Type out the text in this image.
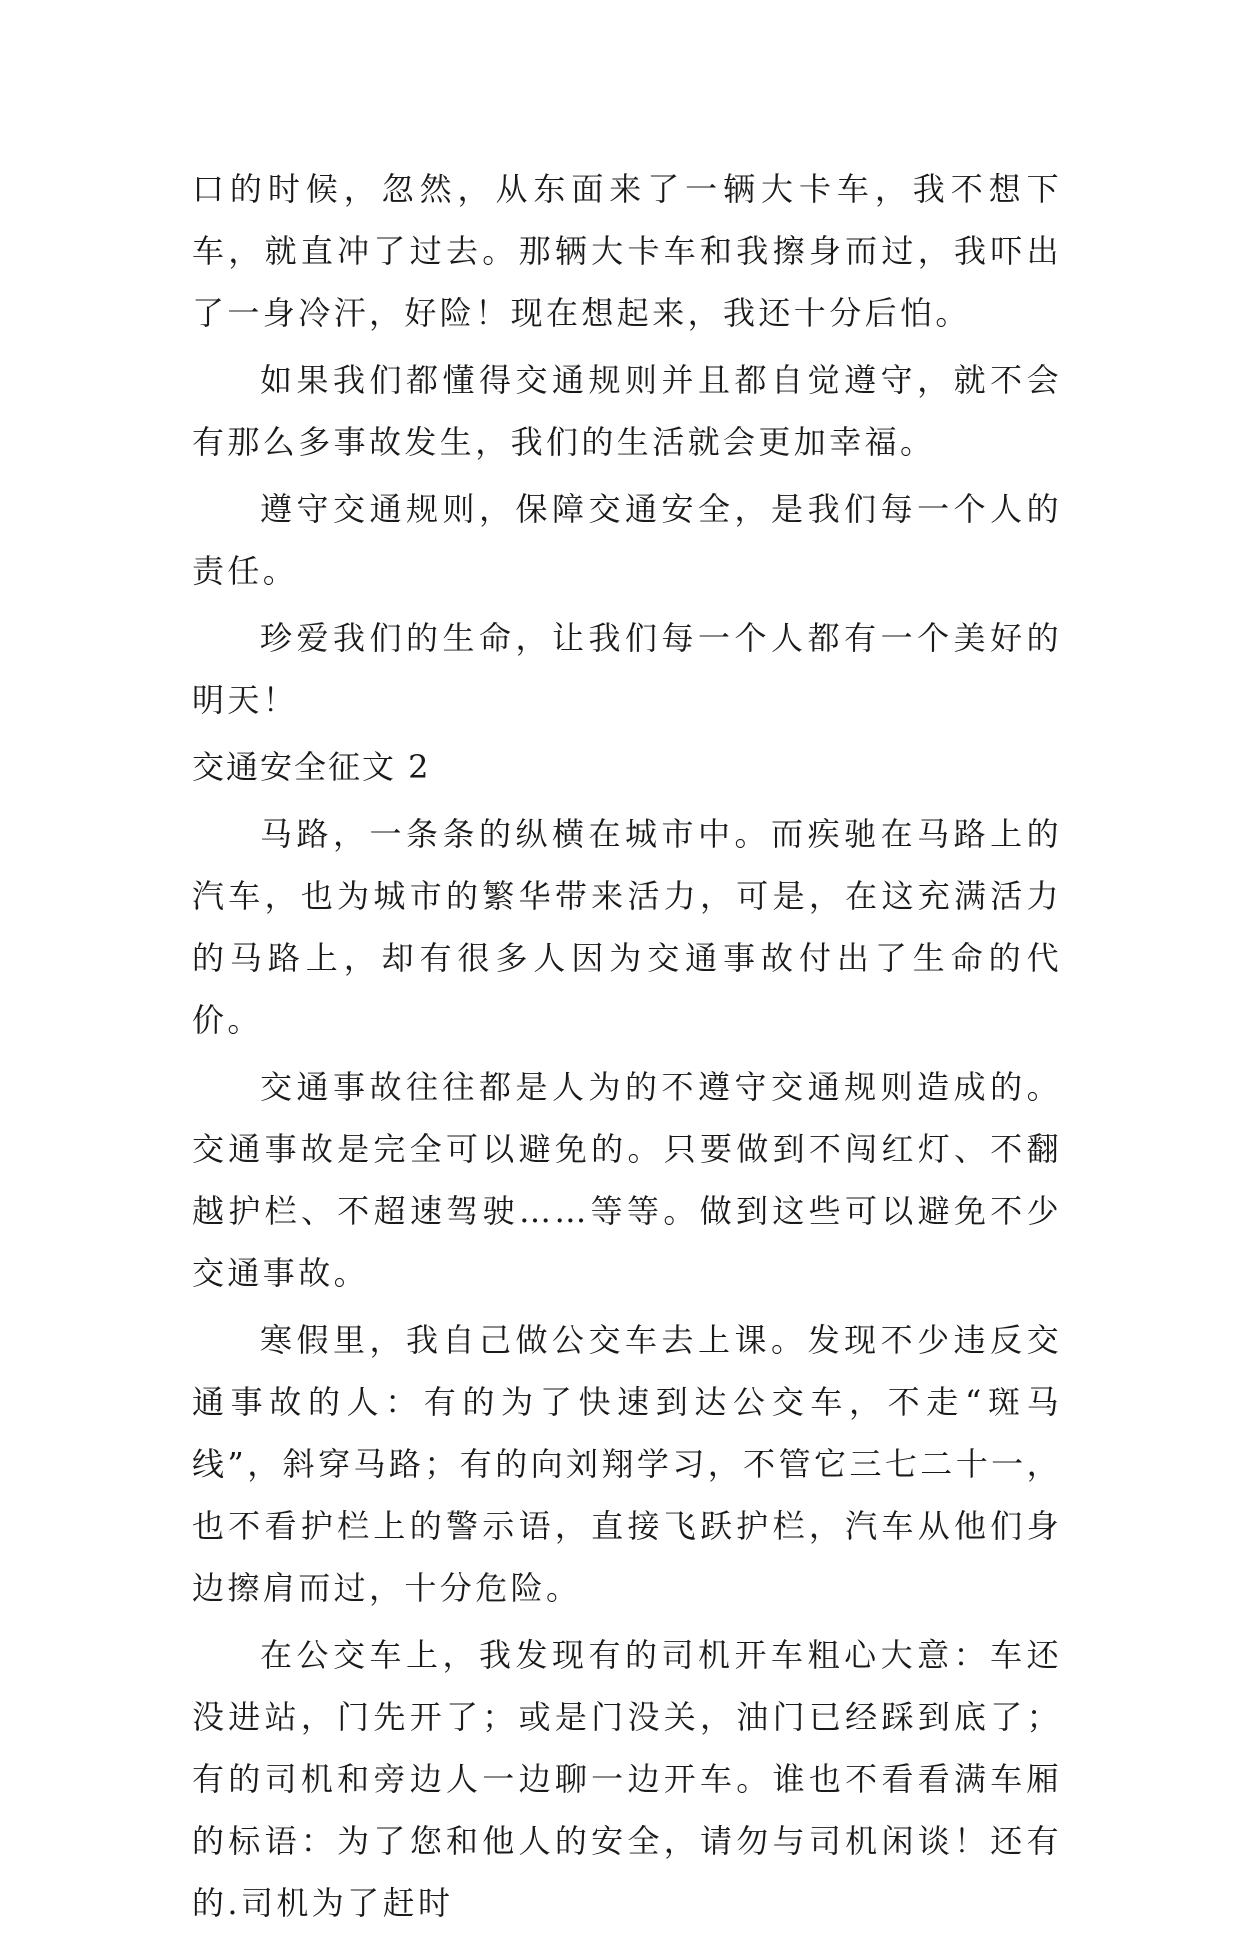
口的时候，忽然，从东面来了一辆大卡车，我不想下车，就直冲了过去。那辆大卡车和我擦身而过，我吓出了一身冷汗，好险！现在想起来，我还十分后怕。

如果我们都懂得交通规则并且都自觉遵守，就不会有那么多事故发生，我们的生活就会更加幸福。

遵守交通规则，保障交通安全，是我们每一个人的责任。

珍爱我们的生命，让我们每一个人都有一个美好的明天！

交通安全征文 2

马路，一条条的纵横在城市中。而疾驰在马路上的汽车，也为城市的繁华带来活力，可是，在这充满活力的马路上，却有很多人因为交通事故付出了生命的代价。

交通事故往往都是人为的不遵守交通规则造成的。交通事故是完全可以避免的。只要做到不闯红灯、不翻越护栏、不超速驾驶……等等。做到这些可以避免不少交通事故。

寒假里，我自己做公交车去上课。发现不少违反交通事故的人：有的为了快速到达公交车，不走“斑马线”，斜穿马路；有的向刘翔学习，不管它三七二十一，也不看护栏上的警示语，直接飞跃护栏，汽车从他们身边擦肩而过，十分危险。

在公交车上，我发现有的司机开车粗心大意：车还没进站，门先开了；或是门没关，油门已经踩到底了；有的司机和旁边人一边聊一边开车。谁也不看看满车厢的标语：为了您和他人的安全，请勿与司机闲谈！还有的.司机为了赶时
